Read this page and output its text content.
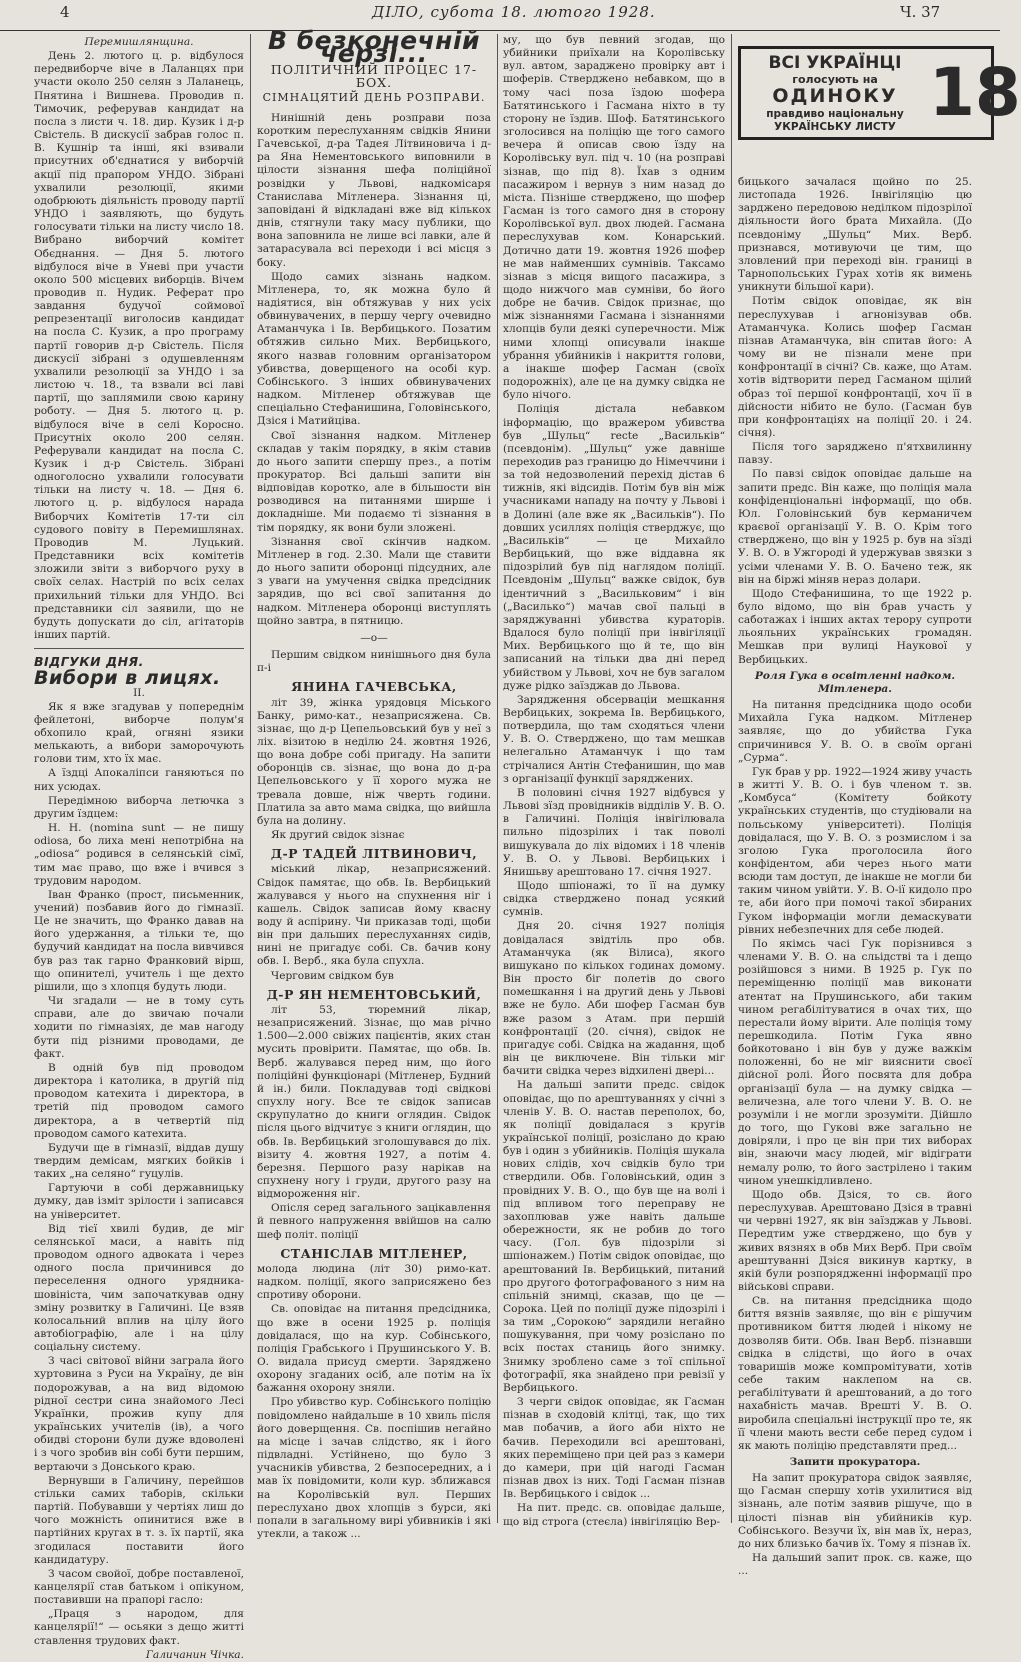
4	ДІЛО, субота 18. лютого 1928.	Ч. 37

Перемишлянщина.

День 2. лютого ц. р. відбулося передвиборче віче в Лаланцях при участи около 250 селян з Лаланець, Пнятина і Вишнева. Проводив п. Тимочик, реферував кандидат на посла з листи ч. 18. дир. Кузик і д-р Свістель. В дискусії забрав голос п. В. Кушнір та інші, які взивали присутних об'єднатися у виборчій акції під прапором УНДО. Зібрані ухвалили резолюції, якими одобрюють діяльність проводу партії УНДО і заявляють, що будуть голосувати тільки на листу число 18. Вибрано виборчий комітет Обєднання. — Дня 5. лютого відбулося віче в Уневі при участи около 500 місцевих виборців. Вічем проводив п. Нудик. Реферат про завдання будучої соймової репрезентації виголосив кандидат на посла С. Кузик, а про програму партії говорив д-р Свістель. Після дискусії зібрані з одушевленням ухвалили резолюції за УНДО і за листою ч. 18., та взвали всі лаві партії, що заплямили свою карину роботу. — Дня 5. лютого ц. р. відбулося віче в селі Коросно. Присутніх около 200 селян. Реферували кандидат на посла С. Кузик і д-р Свістель. Зібрані одноголосно ухвалили голосувати тільки на листу ч. 18. — Дня 6. лютого ц. р. відбулося нарада Виборчих Комітетів 17-ти сіл судового повіту в Перемишлянах. Проводив М. Луцький. Представники всіх комітетів зложили звіти з виборчого руху в своїх селах. Настрій по всіх селах прихильний тільки для УНДО. Всі представники сіл заявили, що не будуть допускати до сіл, агітаторів інших партій.

ВІДГУКИ ДНЯ.
Вибори в лицях.

II.

Як я вже згадував у попереднім фейлетоні, виборче полум'я обхопило край, огняні язики мелькають, а вибори заморочують голови тим, хто їх має.

А їздці Апокаліпси ганяються по них усюдах.

Передімною виборча летючка з другим їздцем:

Н. Н. (nomina sunt — не пишу odiosa, бо лиха мені непотрібна на „odiosa“ родився в селянській сімї, тим має право, що вже і вчився з трудовим народом.

Іван Франко (прост, письменник, учений) позбавив його до гімназії. Це не значить, що Франко давав на його удержання, а тільки те, що будучий кандидат на посла вивчився був раз так гарно Франковий вірш, що опинителі, учитель і ще дехто рішили, що з хлопця будуть люди.

Чи згадали — не в тому суть справи, але до звичаю почали ходити по гімназіях, де мав нагоду бути під різними проводами, де факт.

В одній був під проводом директора і католика, в другій під проводом катехита і директора, в третій під проводом самого директора, а в четвертій під проводом самого катехита.

Будучи ще в гімназії, віддав душу твердим демісам, мягких бойків і таких „на селяно“ гуцулів.

Гартуючи в собі державницьку думку, дав ізміт зрілости і записався на університет.

Від тієї хвилі будив, де міг селянської маси, а навіть під проводом одного адвоката і через одного посла причинився до переселення одного урядника-шовініста, чим започаткував одну зміну розвитку в Галичині. Це взяв колосальний вплив на цілу його автобіографію, але і на цілу соціальну систему.

З часі світової війни заграла його хуртовина з Руси на Україну, де він подорожував, а на вид відомою рідної сестри сина знайомого Лесі Українки, прожив купу для українських учителів (ів), а чого обидві сторони були дуже вдоволені і з чого зробив він собі бути першим, вертаючи з Донського краю.

Вернувши в Галичину, перейшов стільки самих таборів, скільки партій. Побувавши у чертіях лиш до чого можність опинитися вже в партійних кругах в т. з. їх партії, яка згодилася поставити його кандидатуру.

З часом свойої, добре поставленої, канцелярії став батьком і опікуном, поставивши на прапорі гасло:

„Праця з народом, для канцелярії!“ — осьяки з дещо житті ставлення трудових факт.

Галичанин Чічка.

В безконечній черзі...
ПОЛІТИЧНИЙ ПРОЦЕС 17-БОХ.
СІМНАЦЯТИЙ ДЕНЬ РОЗПРАВИ.

Нинішній день розправи поза коротким переслуханням свідків Янини Гачевської, д-ра Тадея Літвиновича і д-ра Яна Нементовського виповнили в цілости зізнання шефа поліційної розвідки у Львові, надкомісаря Станислава Мітленера. Зізнання ці, заповідані й відкладані вже від кількох днів, стягнули таку масу публики, що вона заповнила не лише всі лавки, але й затарасувала всі переходи і всі місця з боку.

Щодо самих зізнань надком. Мітленера, то, як можна було й надіятися, він обтяжував у них усіх обвинувачених, в першу чергу очевидно Атаманчука і Ів. Вербицького. Позатим обтяжив сильно Мих. Вербицького, якого назвав головним організатором убивства, доверщеного на особі кур. Собінського. З інших обвинувачених надком. Мітленер обтяжував ще спеціально Стефанишина, Головінського, Дзіся і Матийціва.

Свої зізнання надком. Мітленер складав у такім порядку, в якім ставив до нього запити спершу през., а потім прокуратор. Всі дальші запити він відповідав коротко, але в більшости він розводився на питаннями ширше і докладніше. Ми подаємо ті зізнання в тім порядку, як вони були зложені.

Зізнання свої скінчив надком. Мітленер в год. 2.30. Мали ще ставити до нього запити оборонці підсудних, але з уваги на умучення свідка предсідник зарядив, що всі свої запитання до надком. Мітленера оборонці виступлять щойно завтра, в пятницю.

—о—

Першим свідком нинішнього дня була п-і

ЯНИНА ГАЧЕВСЬКА,

літ 39, жінка урядовця Міського Банку, римо-кат., незаприсяжена. Св. зізнає, що д-р Цепельовський був у неї з ліх. візитою в неділю 24. жовтня 1926, що вона добре собі пригаду. На запити оборонців св. зізнає, що вона до д-ра Цепельовського у її хорого мужа не тревала довше, ніж чверть години. Платила за авто мама свідка, що вийшла була на долину.

Як другий свідок зізнає

Д-Р ТАДЕЙ ЛІТВИНОВИЧ,

міський лікар, незаприсяжений. Свідок памятає, що обв. Ів. Вербицький жалувався у нього на спухнення ніг і кашель. Свідок записав йому квасну воду й аспірину. Чи приказав тоді, щоби він при дальших переслуханнях сидів, нині не пригадує собі. Св. бачив кону обв. І. Верб., яка була спухла.

Черговим свідком був

Д-Р ЯН НЕМЕНТОВСЬКИЙ,

літ 53, тюремний лікар, незаприсяжений. Зізнає, що мав річно 1.500—2.000 свіжих пацієнтів, яких стан мусить провірити. Памятає, що обв. Ів. Верб. жалувався перед ним, що його поліційні функціонарі (Мітленер, Будний й ін.) били. Покладував тоді свідкові спухлу ногу. Все те свідок записав скрупулатно до книги оглядин. Свідок після цього відчитує з книги оглядин, що обв. Ів. Вербицький зголошувався до ліх. візиту 4. жовтня 1927, а потім 4. березня. Першого разу нарікав на спухнену ногу і груди, другого разу на відмороження ніг.

Опісля серед загального зацікавлення й певного напруження ввійшов на салю шеф політ. поліції

СТАНІСЛАВ МІТЛЕНЕР,

молода людина (літ 30) римо-кат. надком. поліції, якого заприсяжено без спротиву оборони.

Св. оповідає на питання предсідника, що вже в осени 1925 р. поліція довідалася, що на кур. Собінського, поліція Грабського і Прушинського У. В. О. видала присуд смерти. Заряджено охорону згаданих осіб, але потім на їх бажання охорону зняли.

Про убивство кур. Собінського поліцію повідомлено найдальше в 10 хвиль після його доверщення. Св. поспішив негайно на місце і зачав слідство, як і його підвладні. Устійнено, що було З учасників убивства, 2 безпосередних, а і мав їх повідомити, коли кур. зближався на Королівській вул. Перших переслухано двох хлопців з бурси, які попали в загальному вирі убивників і які утекли, а також ...

му, що був певний згодав, що убийники приїхали на Королівську вул. автом, зараджено провірку авт і шоферів. Стверджено небавком, що в тому часі поза їздою шофера Батятинського і Гасмана ніхто в ту сторону не їздив. Шоф. Батятинського зголосився на поліцію ще того самого вечера й описав свою їзду на Королівську вул. під ч. 10 (на розправі зізнав, що під 8). Їхав з одним пасажиром і вернув з ним назад до міста. Пізніше стверджено, що шофер Гасман із того самого дня в сторону Королівської вул. двох людей. Гасмана переслухував ком. Конарський. Дотично дати 19. жовтня 1926 шофер не мав найменших сумнівів. Таксамо зізнав з місця вищого пасажира, з щодо нижчого мав сумніви, бо його добре не бачив. Свідок признає, що між зізнаннями Гасмана і зізнаннями хлопців були деякі суперечности. Між ними хлопці описували інакше убрання убийників і накриття голови, а інакше шофер Гасман (своїх подорожніх), але це на думку свідка не було нічого.

Поліція дістала небавком інформацію, що вражером убивства був „Шульц“ recte „Васильків“ (псевдонім). „Шульц“ уже давніше переходив раз границю до Німеччини і за той недозволений перехід дістав 6 тижнів, які відсидів. Потім був він між учасниками нападу на почту у Львові і в Долині (але вже як „Васильків“). По довших усиллях поліція стверджує, що „Васильків“ — це Михайло Вербицький, що вже віддавна як підозрілий був під наглядом поліції. Псевдонім „Шульц“ важке свідок, був ідентичний з „Васильковим“ і він („Василько“) мачав свої пальці в заряджуванні убивства кураторів. Вдалося було поліції при інвігіляції Мих. Вербицького що й те, що він записаний на тільки два дні перед убийством у Львові, хоч не був загалом дуже рідко заїзджав до Львова.

Зарядження обсерваціи мешкання Вербицьких, зокрема Ів. Вербицького, потвердила, що там сходяться члени У. В. О. Стверджено, що там мешкав нелегально Атаманчук і що там стрічалися Антін Стефанишин, що мав з організації функції заряджених.

В половині січня 1927 відбувся у Львові зїзд провідників відділів У. В. О. в Галичині. Поліція інвігілювала пильно підозрілих і так поволі вишукувала до ліх відомих і 18 членів У. В. О. у Львові. Вербицьких і Янишьву арештовано 17. січня 1927.

Щодо шпіонажі, то її на думку свідка стверджено понад усякий сумнів.

Дня 20. січня 1927 поліція довідалася звідтіль про обв. Атаманчука (як Вілиса), якого вишукано по кількох годинах домому. Він просто біг полетів до свого помешкання і на другий день у Львові вже не було. Аби шофер Гасман був вже разом з Атам. при першій конфронтації (20. січня), свідок не пригадує собі. Свідка на жадання, щоб він це виключене. Він тільки міг бачити свідка через відхилені двері...

На дальші запити предс. свідок оповідає, що по арештуваннях у січні з членів У. В. О. настав переполох, бо, як поліції довідалася з кругів української поліції, розіслано до краю був і один з убийників. Поліція шукала нових слідів, хоч свідків було три ствердили. Обв. Головінський, один з провідних У. В. О., що був ще на волі і під впливом того переправу не захоплював уже навіть дальше обережности, як не робив до того часу. (Гол. був підозріли зі шпіонажем.) Потім свідок оповідає, що арештований Ів. Вербицький, питаний про другого фотографованого з ним на спільній знимці, сказав, що це — Сорока. Цей по поліції дуже підозрілі і за тим „Сорокою“ зарядили негайно пошукування, при чому розіслано по всіх постах станиць його знимку. Знимку зроблено саме з тої спільної фотографії, яка знайдено при ревізії у Вербицького.

З черги свідок оповідає, як Гасман пізнав в сходовій клітці, так, що тих мав побачив, а його аби ніхто не бачив. Переходили всі арештовані, яких переміщено при цей раз з камери до камери, при цій нагоді Гасман пізнав двох із них. Тоді Гасман пізнав Ів. Вербицького і свідок ...

На пит. предс. св. оповідає дальше, що від строга (стеєла) інвігіляцію Вер-

ВСІ УКРАЇНЦІ
голосують на
ОДИНОКУ
правдиво національну
УКРАЇНСЬКУ ЛИСТУ 18

бицького зачалася щойно по 25. листопада 1926. Інвігіляцію цю зарджено передовою неділком підозрілої діяльности його брата Михайла. (До псевдоніму „Шульц“ Мих. Верб. признався, мотивуючи це тим, що зловлений при переході він. границі в Тарнопольських Гурах хотів як вимень уникнути більшої кари).

Потім свідок оповідає, як він переслухував і агнонізував обв. Атаманчука. Колись шофер Гасман пізнав Атаманчука, він спитав його: А чому ви не пізнали мене при конфронтації в січні? Св. каже, що Атам. хотів відтворити перед Гасманом щілий образ тої першої конфронтації, хоч її в дійсности нібито не було. (Гасман був при конфронтаціях на поліції 20. і 24. січня).

Після того зарядженo п'ятхвилинну павзу.

По павзі свідок оповідає дальше на запити предс. Він каже, що поліція мала конфіденціональні інформації, що обв. Юл. Головінський був керманичем краєвої організації У. В. О. Крім того стверджено, що він у 1925 р. був на зїзді У. В. О. в Ужгороді й удержував звязки з усіми членами У. В. О. Бачено теж, як він на біржі міняв нераз долари.

Щодо Стефанишина, то ще 1922 р. було відомо, що він брав участь у саботажах і інших актах терору супроти льояльних українських громадян. Мешкав при вулиці Наукової у Вербицьких.

Роля Гука в освітленні надком. Мітленера.

На питання предсідника щодо особи Михайла Гука надком. Мітленер заявляє, що до убийства Гука спричинився У. В. О. в своїм органі „Сурма“.

Гук брав у рр. 1922—1924 живу участь в житті У. В. О. і був членом т. зв. „Комбуса“ (Комітету бойкоту українських студентів, що студіювали на польському університеті). Поліція довідалася, що У. В. О. з розмислом і за зголою Гука проголосила його конфідентом, аби через нього мати всюди там доступ, де інакше не могли би таким чином увійти. У. В. О-ії кидоло про те, аби його при помочі такої збираних Гуком інформаціи могли демаскувати рівних небезпечних для себе людей.

По якімсь часі Гук порізнився з членами У. В. О. на сльідстві та і дещо розійшовся з ними. В 1925 р. Гук по переміщенню поліції мав виконати атентат на Прушинського, аби таким чином регабілітуватися в очах тих, що перестали йому вірити. Але поліція тому перешкодила. Потім Гука явно бойкотовано і він був у дуже важкім положенні, бо не міг вияснити своєї дійсної ролі. Його посвята для добра організації була — на думку свідка — величезна, але того члени У. В. О. не розуміли і не могли зрозуміти. Дійшло до того, що Гукові вже загально не довіряли, і про це він при тих виборах він, знаючи масу людей, міг відіграти немалу ролю, то його застрілено і таким чином унешкідливлено.

Щодо обв. Дзіся, то св. його переслухував. Арештовано Дзіся в травні чи червні 1927, як він заїзджав у Львові. Передтим уже стверджено, що був у живих вязнях в обв Мих Верб. При своїм арештуванні Дзіся викинув картку, в якій були розпорядженні інформації про військові справи.

Св. на питання предсідника щодо биття вязнів заявляє, що він є рішучим противником биття людей і нікому не дозволяв бити. Обв. Іван Верб. пізнавши свідка в слідстві, що його в очах товаришів може компромітувати, хотів себе таким наклепом на св. регабілітувати й арештований, а до того нахабність мачав. Врешті У. В. О. виробила спеціальні інструкції про те, як її члени мають вести себе перед судом і як мають поліцію представляти пред...

Запити прокуратора.

На запит прокуратора свідок заявляє, що Гасман спершу хотів ухилитися від зізнань, але потім заявив рішуче, що в цілості пізнав він убийників кур. Собінського. Везучи їх, він мав їх, нераз, до них близько бачив їх. Тому я пізнав їх.

На дальший запит прок. св. каже, що ...
